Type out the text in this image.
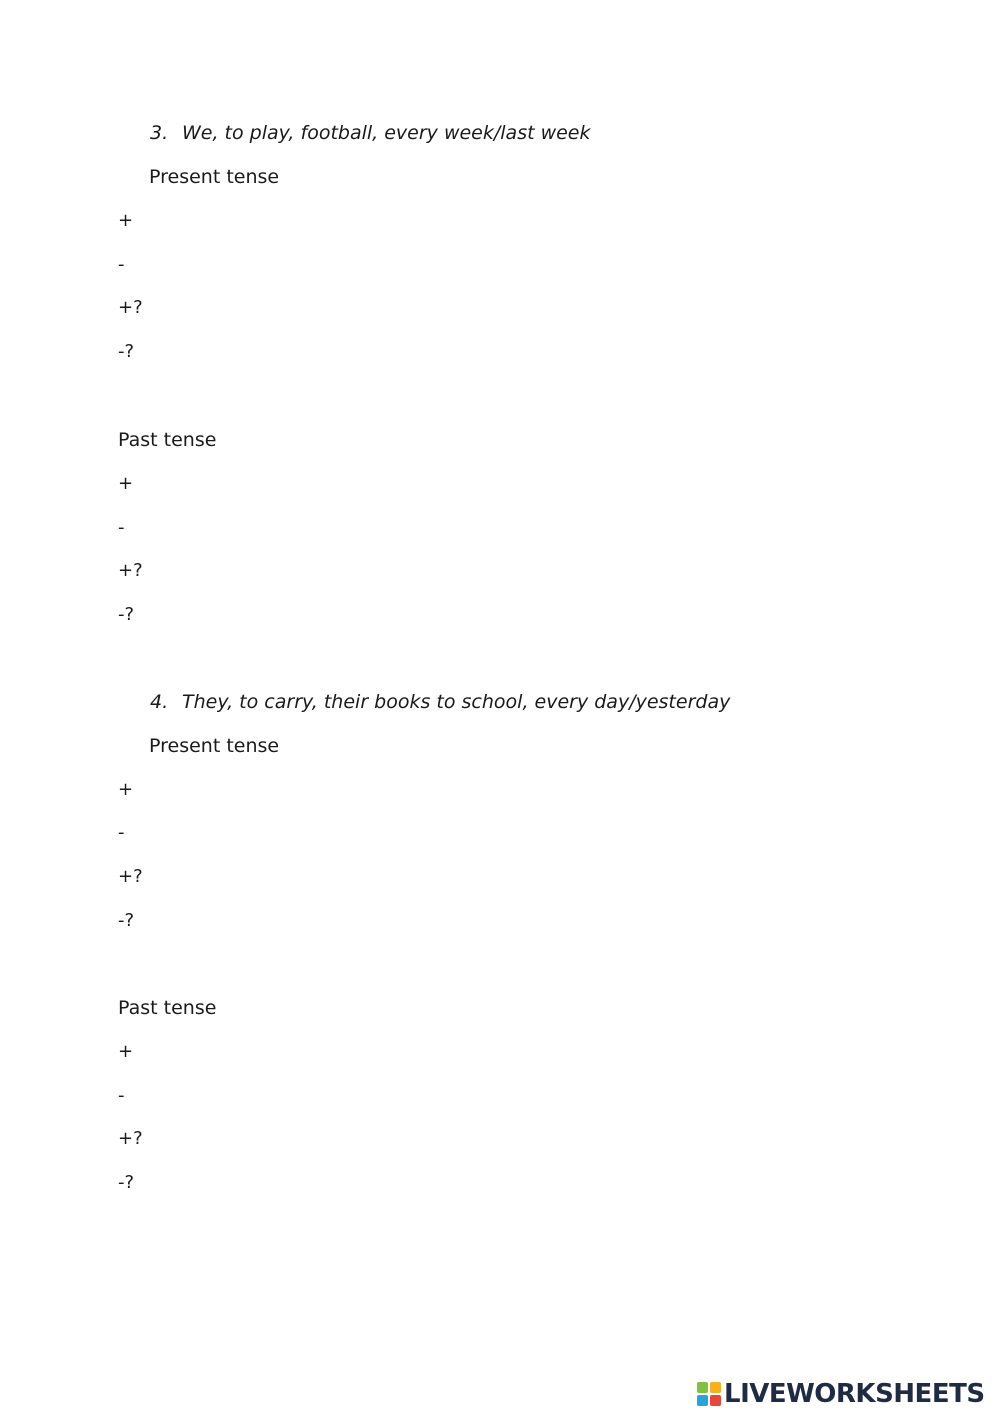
3. We, to play, football, every week/last week
Present tense
+
-
+?
-?
Past tense
+
-
+?
-?
4. They, to carry, their books to school, every day/yesterday
Present tense
+
-
+?
-?
Past tense
+
-
+?
-?
LIVEWORKSHEETS
